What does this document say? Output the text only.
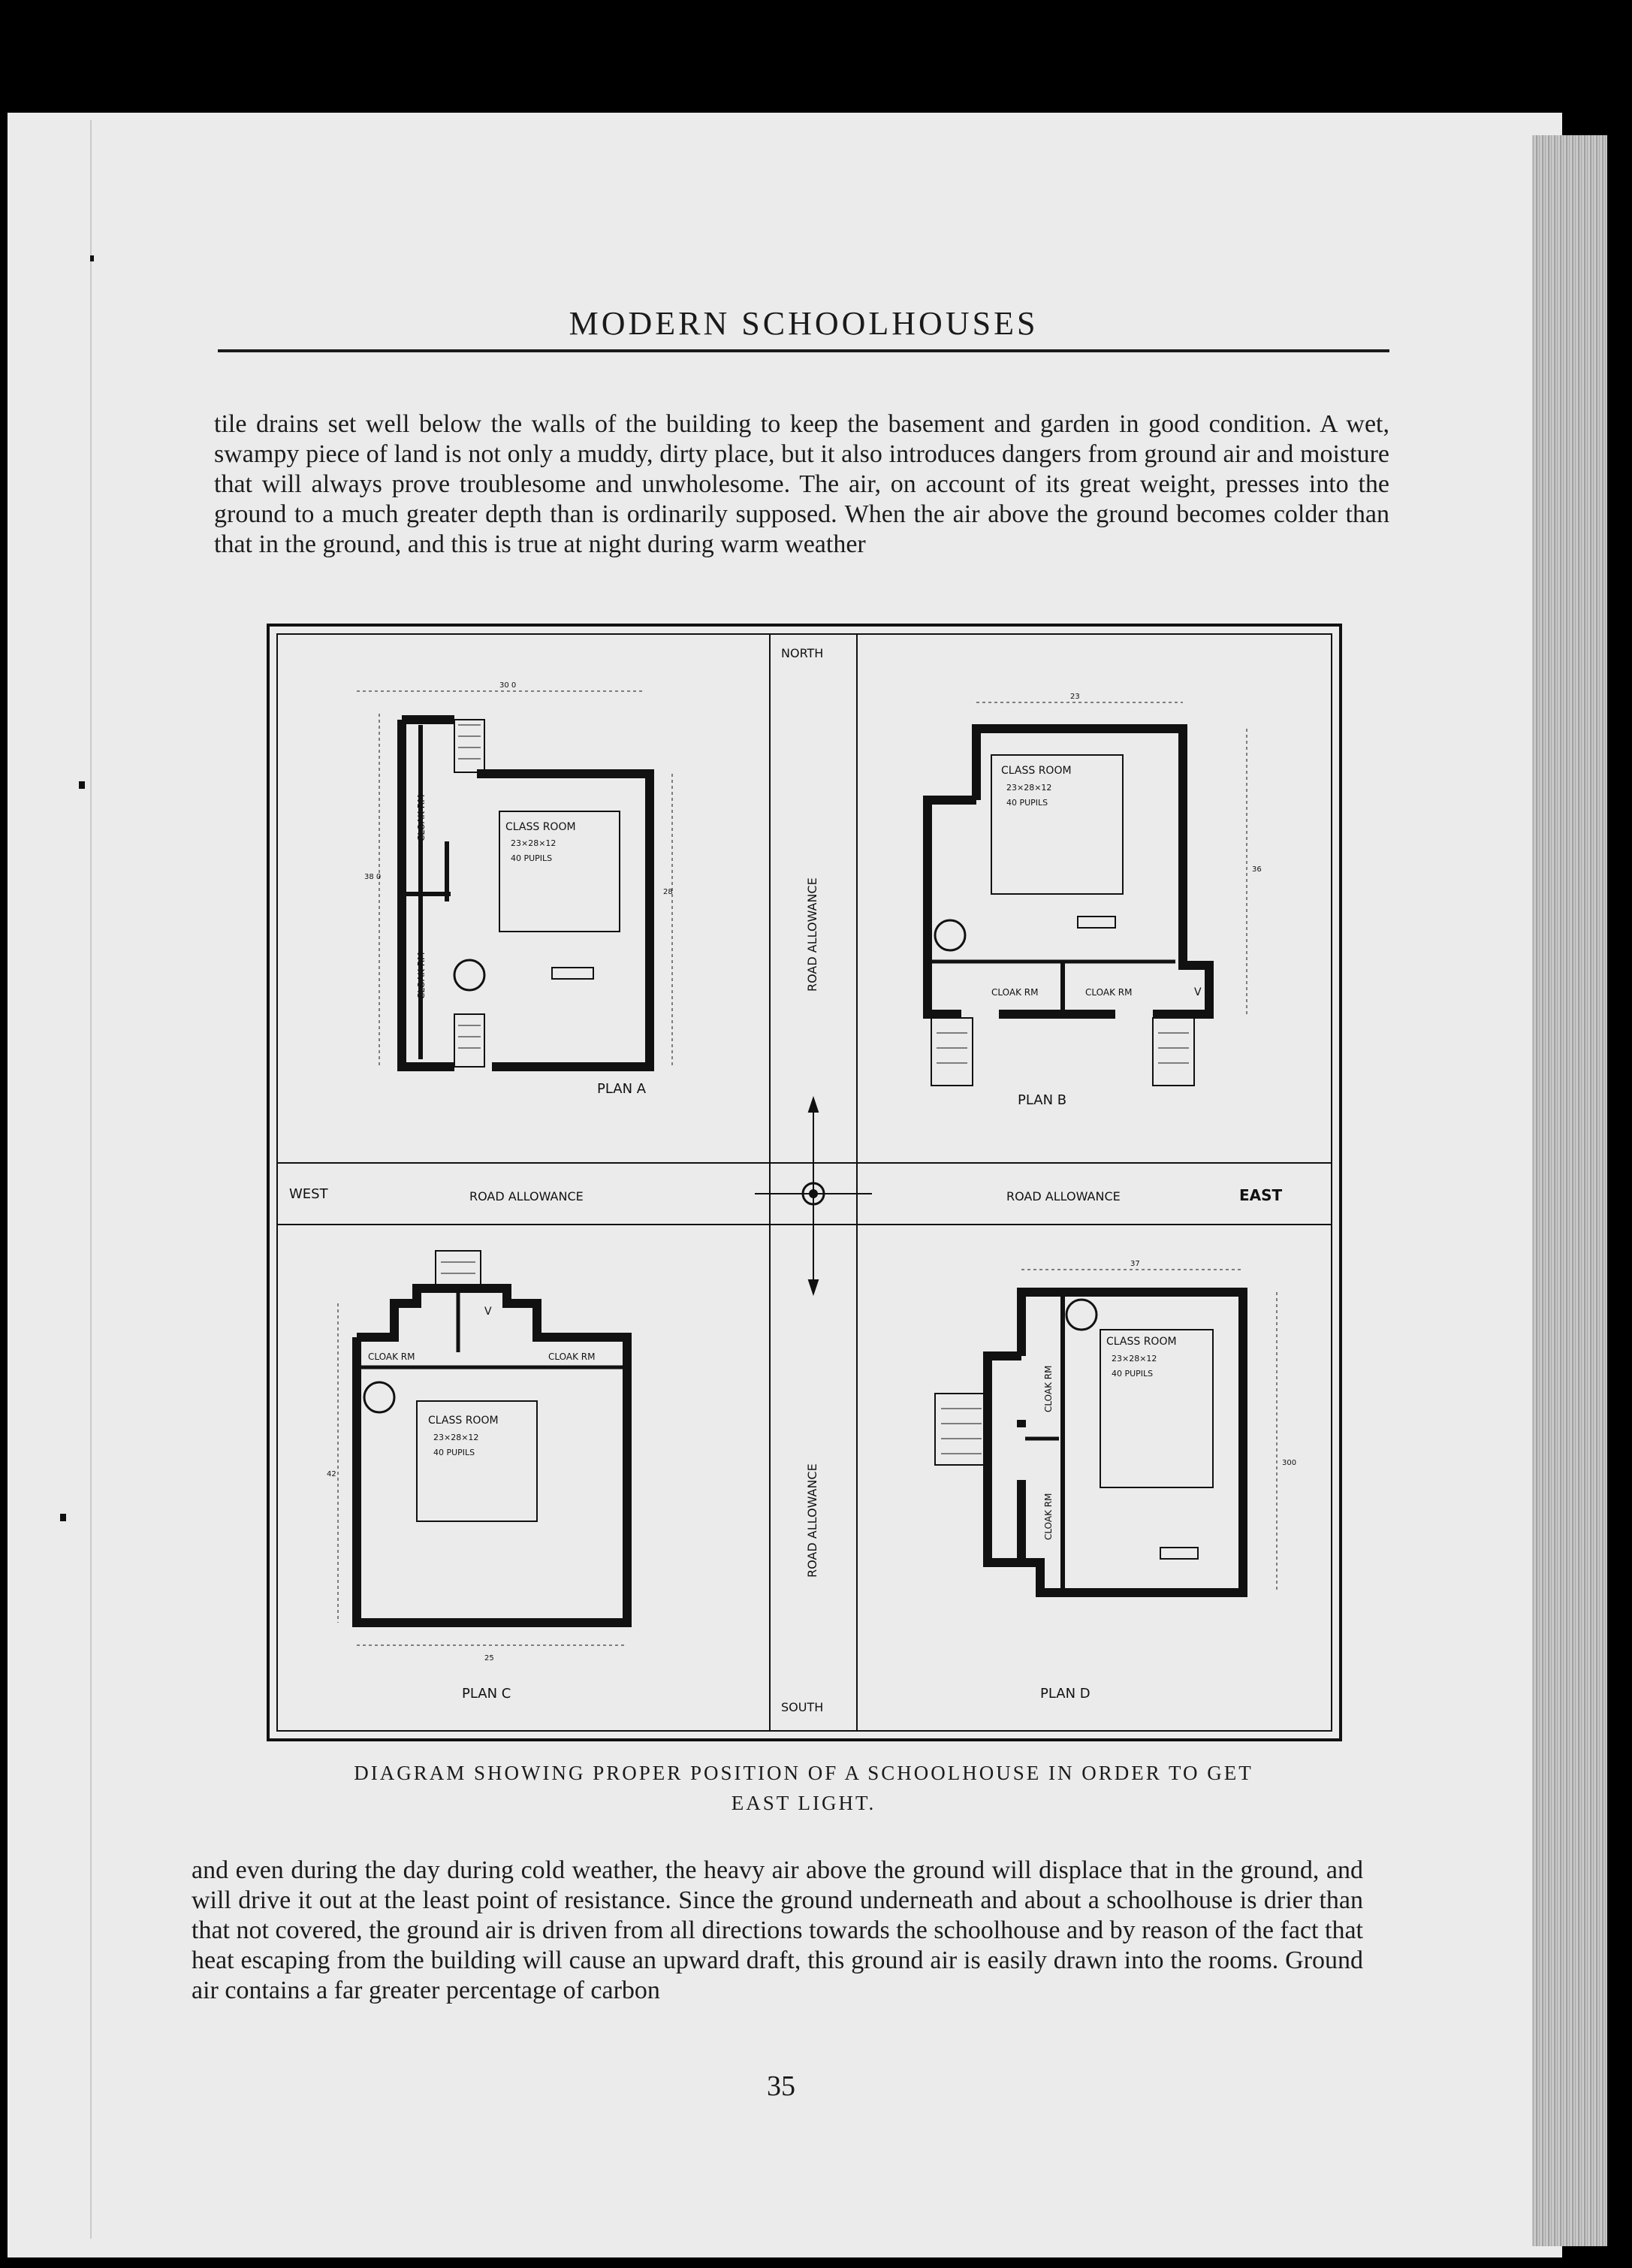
MODERN SCHOOLHOUSES
tile drains set well below the walls of the building to keep the basement and garden in good condition. A wet, swampy piece of land is not only a muddy, dirty place, but it also introduces dangers from ground air and moisture that will always prove troublesome and unwholesome. The air, on account of its great weight, presses into the ground to a much greater depth than is ordinarily supposed. When the air above the ground becomes colder than that in the ground, and this is true at night during warm weather
30 0
38 0
28
CLOAK RM
CLOAK RM
CLASS ROOM
23×28×12
40 PUPILS
PLAN A
23
36
CLASS ROOM
23×28×12
40 PUPILS
CLOAK RM	CLOAK RM	V
PLAN B
CLOAK RM	CLOAK RM
V
CLASS ROOM
23×28×12
40 PUPILS
42
25
PLAN C
37
300
CLOAK RM
CLOAK RM
CLASS ROOM
23×28×12
40 PUPILS
PLAN D
NORTH
SOUTH
WEST	EAST
ROAD ALLOWANCE	ROAD ALLOWANCE
ROAD ALLOWANCE
ROAD ALLOWANCE
DIAGRAM SHOWING PROPER POSITION OF A SCHOOLHOUSE IN ORDER TO GET
EAST LIGHT.
and even during the day during cold weather, the heavy air above the ground will displace that in the ground, and will drive it out at the least point of resistance. Since the ground underneath and about a schoolhouse is drier than that not covered, the ground air is driven from all directions towards the schoolhouse and by reason of the fact that heat escaping from the building will cause an upward draft, this ground air is easily drawn into the rooms. Ground air contains a far greater percentage of carbon
35
